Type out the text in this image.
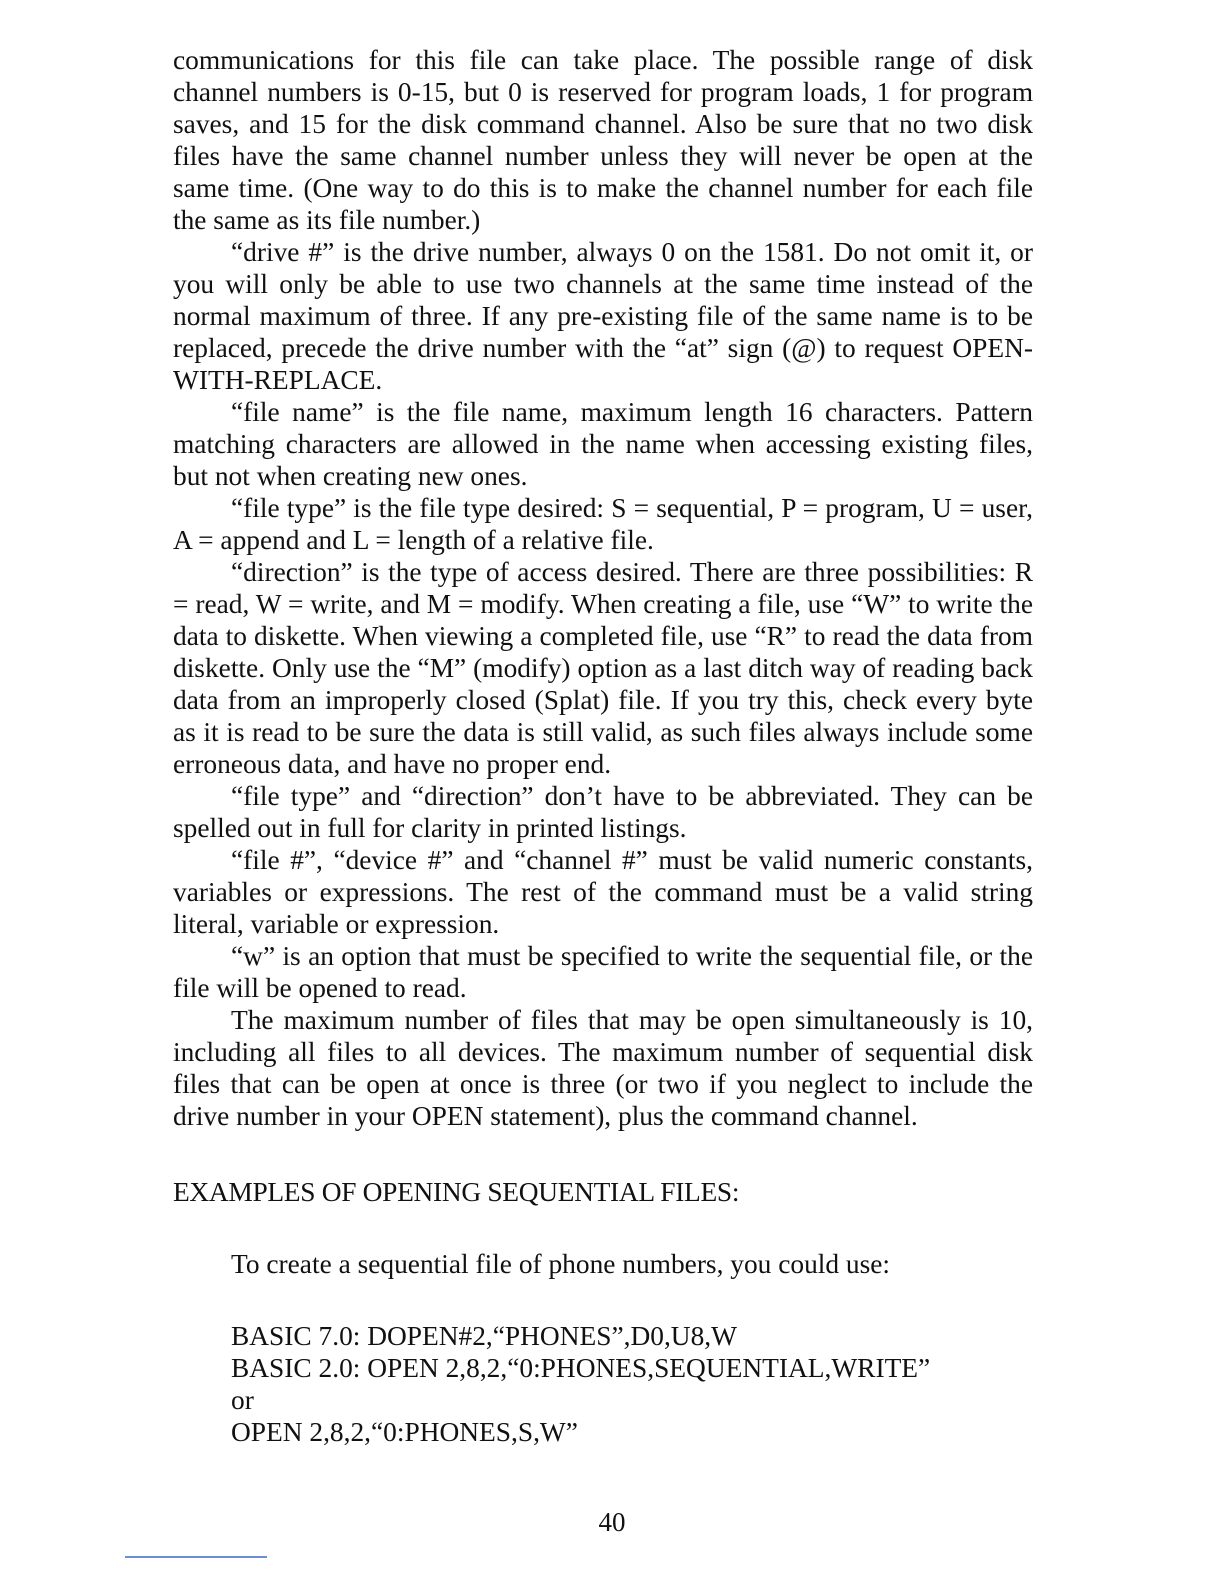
communications for this file can take place. The possible range of disk channel numbers is 0-15, but 0 is reserved for program loads, 1 for program saves, and 15 for the disk command channel. Also be sure that no two disk files have the same channel number unless they will never be open at the same time. (One way to do this is to make the channel number for each file the same as its file number.)

“drive #” is the drive number, always 0 on the 1581. Do not omit it, or you will only be able to use two channels at the same time instead of the normal maximum of three. If any pre-existing file of the same name is to be replaced, precede the drive number with the “at” sign (@) to request OPEN-WITH-REPLACE.

“file name” is the file name, maximum length 16 characters. Pattern matching characters are allowed in the name when accessing existing files, but not when creating new ones.

“file type” is the file type desired: S = sequential, P = program, U = user, A = append and L = length of a relative file.

“direction” is the type of access desired. There are three possibilities: R = read, W = write, and M = modify. When creating a file, use “W” to write the data to diskette. When viewing a completed file, use “R” to read the data from diskette. Only use the “M” (modify) option as a last ditch way of reading back data from an improperly closed (Splat) file. If you try this, check every byte as it is read to be sure the data is still valid, as such files always include some erroneous data, and have no proper end.

“file type” and “direction” don’t have to be abbreviated. They can be spelled out in full for clarity in printed listings.

“file #”, “device #” and “channel #” must be valid numeric constants, variables or expressions. The rest of the command must be a valid string literal, variable or expression.

“w” is an option that must be specified to write the sequential file, or the file will be opened to read.

The maximum number of files that may be open simultaneously is 10, including all files to all devices. The maximum number of sequential disk files that can be open at once is three (or two if you neglect to include the drive number in your OPEN statement), plus the command channel.

EXAMPLES OF OPENING SEQUENTIAL FILES:

To create a sequential file of phone numbers, you could use:

BASIC 7.0: DOPEN#2,“PHONES”,D0,U8,W

BASIC 2.0: OPEN 2,8,2,“0:PHONES,SEQUENTIAL,WRITE”

or

OPEN 2,8,2,“0:PHONES,S,W”

40
